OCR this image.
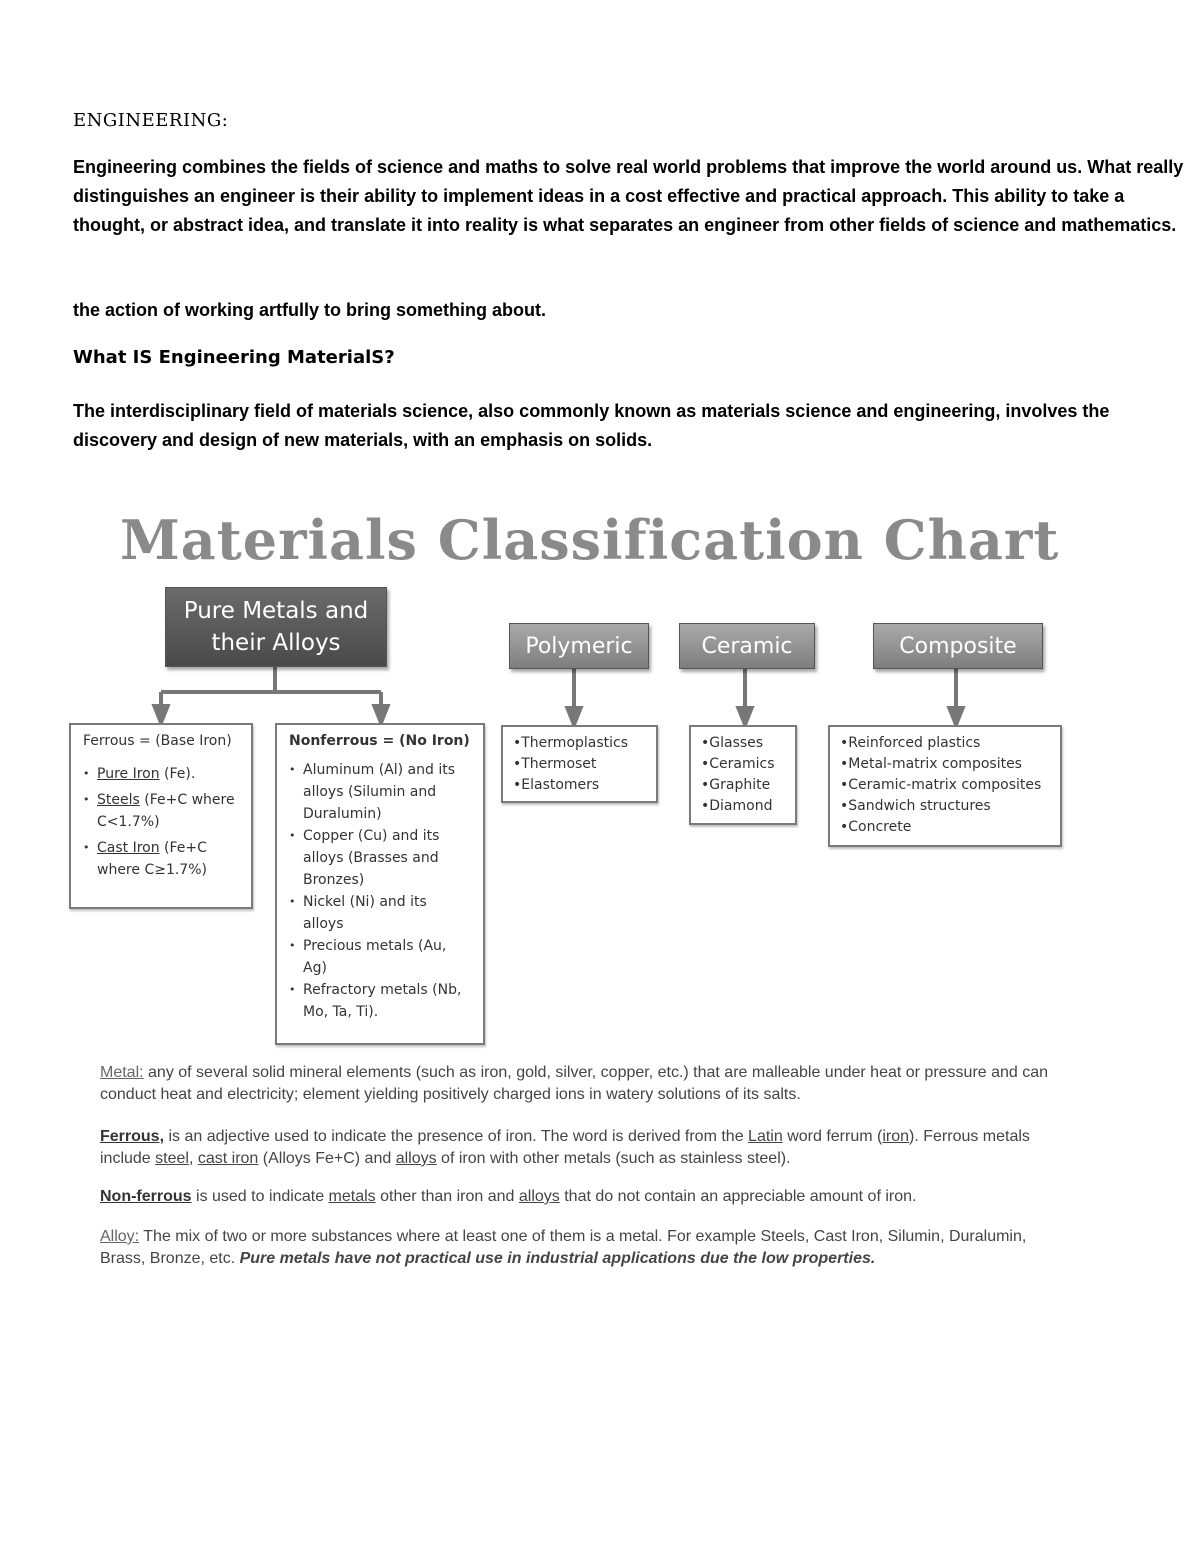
ENGINEERING:
Engineering combines the fields of science and maths to solve real world problems that improve the world around us. What really distinguishes an engineer is their ability to implement ideas in a cost effective and practical approach. This ability to take a thought, or abstract idea, and translate it into reality is what separates an engineer from other fields of science and mathematics.
the action of working artfully to bring something about.
What IS Engineering MaterialS?
The interdisciplinary field of materials science, also commonly known as materials science and engineering, involves the discovery and design of new materials, with an emphasis on solids.
Materials Classification Chart
Pure Metals and their Alloys	Polymeric	Ceramic	Composite
Ferrous = (Base Iron)
• Pure Iron (Fe).
• Steels (Fe+C where C<1.7%)
• Cast Iron (Fe+C where C≥1.7%)
Nonferrous = (No Iron)
• Aluminum (Al) and its alloys (Silumin and Duralumin)
• Copper (Cu) and its alloys (Brasses and Bronzes)
• Nickel (Ni) and its alloys
• Precious metals (Au, Ag)
• Refractory metals (Nb, Mo, Ta, Ti).
•Thermoplastics
•Thermoset
•Elastomers
•Glasses
•Ceramics
•Graphite
•Diamond
•Reinforced plastics
•Metal-matrix composites
•Ceramic-matrix composites
•Sandwich structures
•Concrete
Metal: any of several solid mineral elements (such as iron, gold, silver, copper, etc.) that are malleable under heat or pressure and can conduct heat and electricity; element yielding positively charged ions in watery solutions of its salts.
Ferrous, is an adjective used to indicate the presence of iron. The word is derived from the Latin word ferrum (iron). Ferrous metals include steel, cast iron (Alloys Fe+C) and alloys of iron with other metals (such as stainless steel).
Non-ferrous is used to indicate metals other than iron and alloys that do not contain an appreciable amount of iron.
Alloy: The mix of two or more substances where at least one of them is a metal. For example Steels, Cast Iron, Silumin, Duralumin, Brass, Bronze, etc. Pure metals have not practical use in industrial applications due the low properties.
